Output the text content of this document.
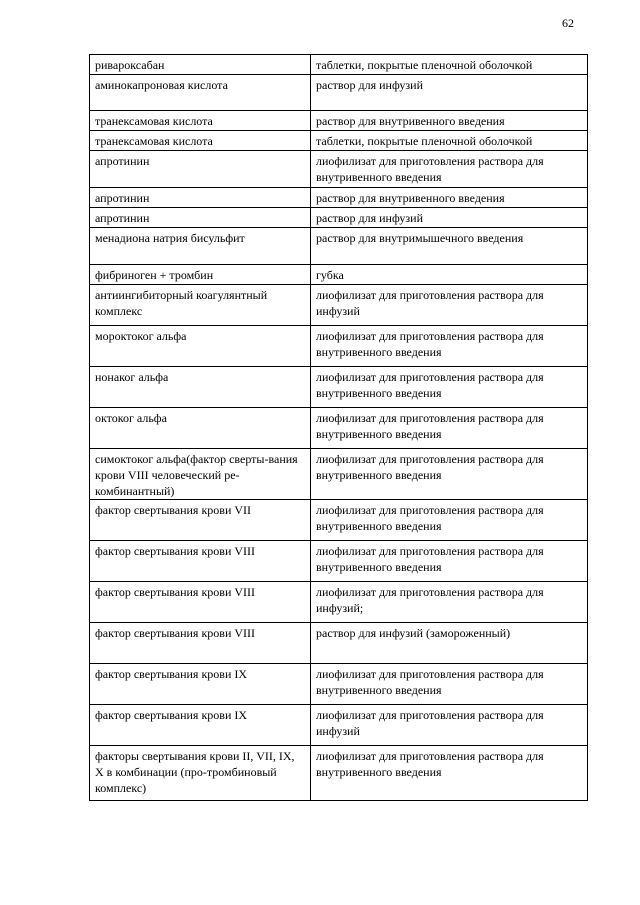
62
ривароксабан	таблетки, покрытые пленочной оболочкой
аминокапроновая кислота	раствор для инфузий
транексамовая кислота	раствор для внутривенного введения
транексамовая кислота	таблетки, покрытые пленочной оболочкой
апротинин	лиофилизат для приготовления раствора для внутривенного введения
апротинин	раствор для внутривенного введения
апротинин	раствор для инфузий
менадиона натрия бисульфит	раствор для внутримышечного введения
фибриноген + тромбин	губка
антиингибиторный коагулянтный комплекс	лиофилизат для приготовления раствора для инфузий
мороктоког альфа	лиофилизат для приготовления раствора для внутривенного введения
нонаког альфа	лиофилизат для приготовления раствора для внутривенного введения
октоког альфа	лиофилизат для приготовления раствора для внутривенного введения
симоктоког альфа(фактор сверты-вания крови VIII человеческий ре-комбинантный)	лиофилизат для приготовления раствора для внутривенного введения
фактор свертывания крови VII	лиофилизат для приготовления раствора для внутривенного введения
фактор свертывания крови VIII	лиофилизат для приготовления раствора для внутривенного введения
фактор свертывания крови VIII	лиофилизат для приготовления раствора для инфузий;
фактор свертывания крови VIII	раствор для инфузий (замороженный)
фактор свертывания крови IX	лиофилизат для приготовления раствора для внутривенного введения
фактор свертывания крови IX	лиофилизат для приготовления раствора для инфузий
факторы свертывания крови II, VII, IX, X в комбинации (про-тромбиновый комплекс)	лиофилизат для приготовления раствора для внутривенного введения
